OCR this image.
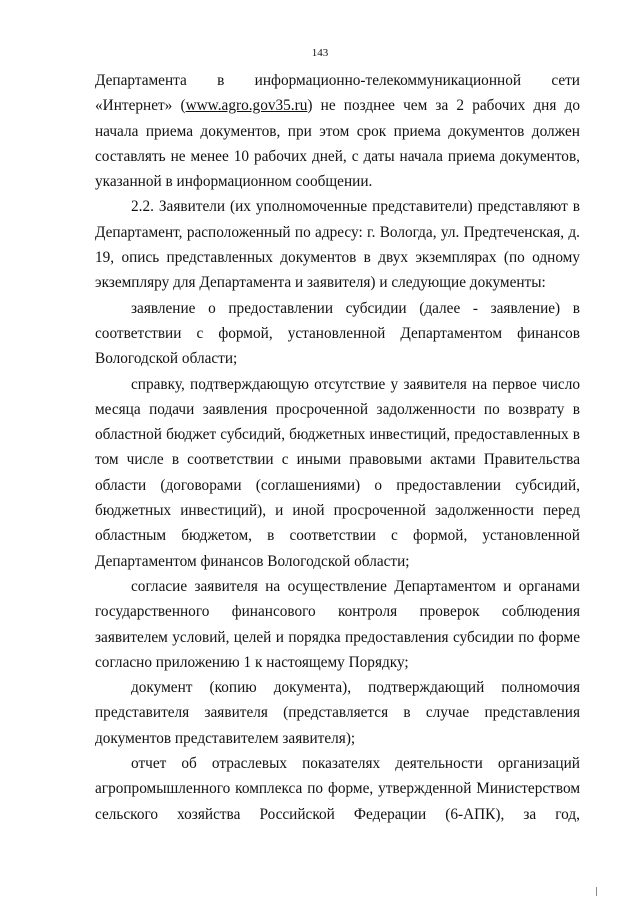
143

Департамента в информационно-телекоммуникационной сети «Интернет» (www.agro.gov35.ru) не позднее чем за 2 рабочих дня до начала приема документов, при этом срок приема документов должен составлять не менее 10 рабочих дней, с даты начала приема документов, указанной в информационном сообщении.

2.2. Заявители (их уполномоченные представители) представляют в Департамент, расположенный по адресу: г. Вологда, ул. Предтеченская, д. 19, опись представленных документов в двух экземплярах (по одному экземпляру для Департамента и заявителя) и следующие документы:

заявление о предоставлении субсидии (далее - заявление) в соответствии с формой, установленной Департаментом финансов Вологодской области;

справку, подтверждающую отсутствие у заявителя на первое число месяца подачи заявления просроченной задолженности по возврату в областной бюджет субсидий, бюджетных инвестиций, предоставленных в том числе в соответствии с иными правовыми актами Правительства области (договорами (соглашениями) о предоставлении субсидий, бюджетных инвестиций), и иной просроченной задолженности перед областным бюджетом, в соответствии с формой, установленной Департаментом финансов Вологодской области;

согласие заявителя на осуществление Департаментом и органами государственного финансового контроля проверок соблюдения заявителем условий, целей и порядка предоставления субсидии по форме согласно приложению 1 к настоящему Порядку;

документ (копию документа), подтверждающий полномочия представителя заявителя (представляется в случае представления документов представителем заявителя);

отчет об отраслевых показателях деятельности организаций агропромышленного комплекса по форме, утвержденной Министерством сельского хозяйства Российской Федерации (6-АПК), за год,
